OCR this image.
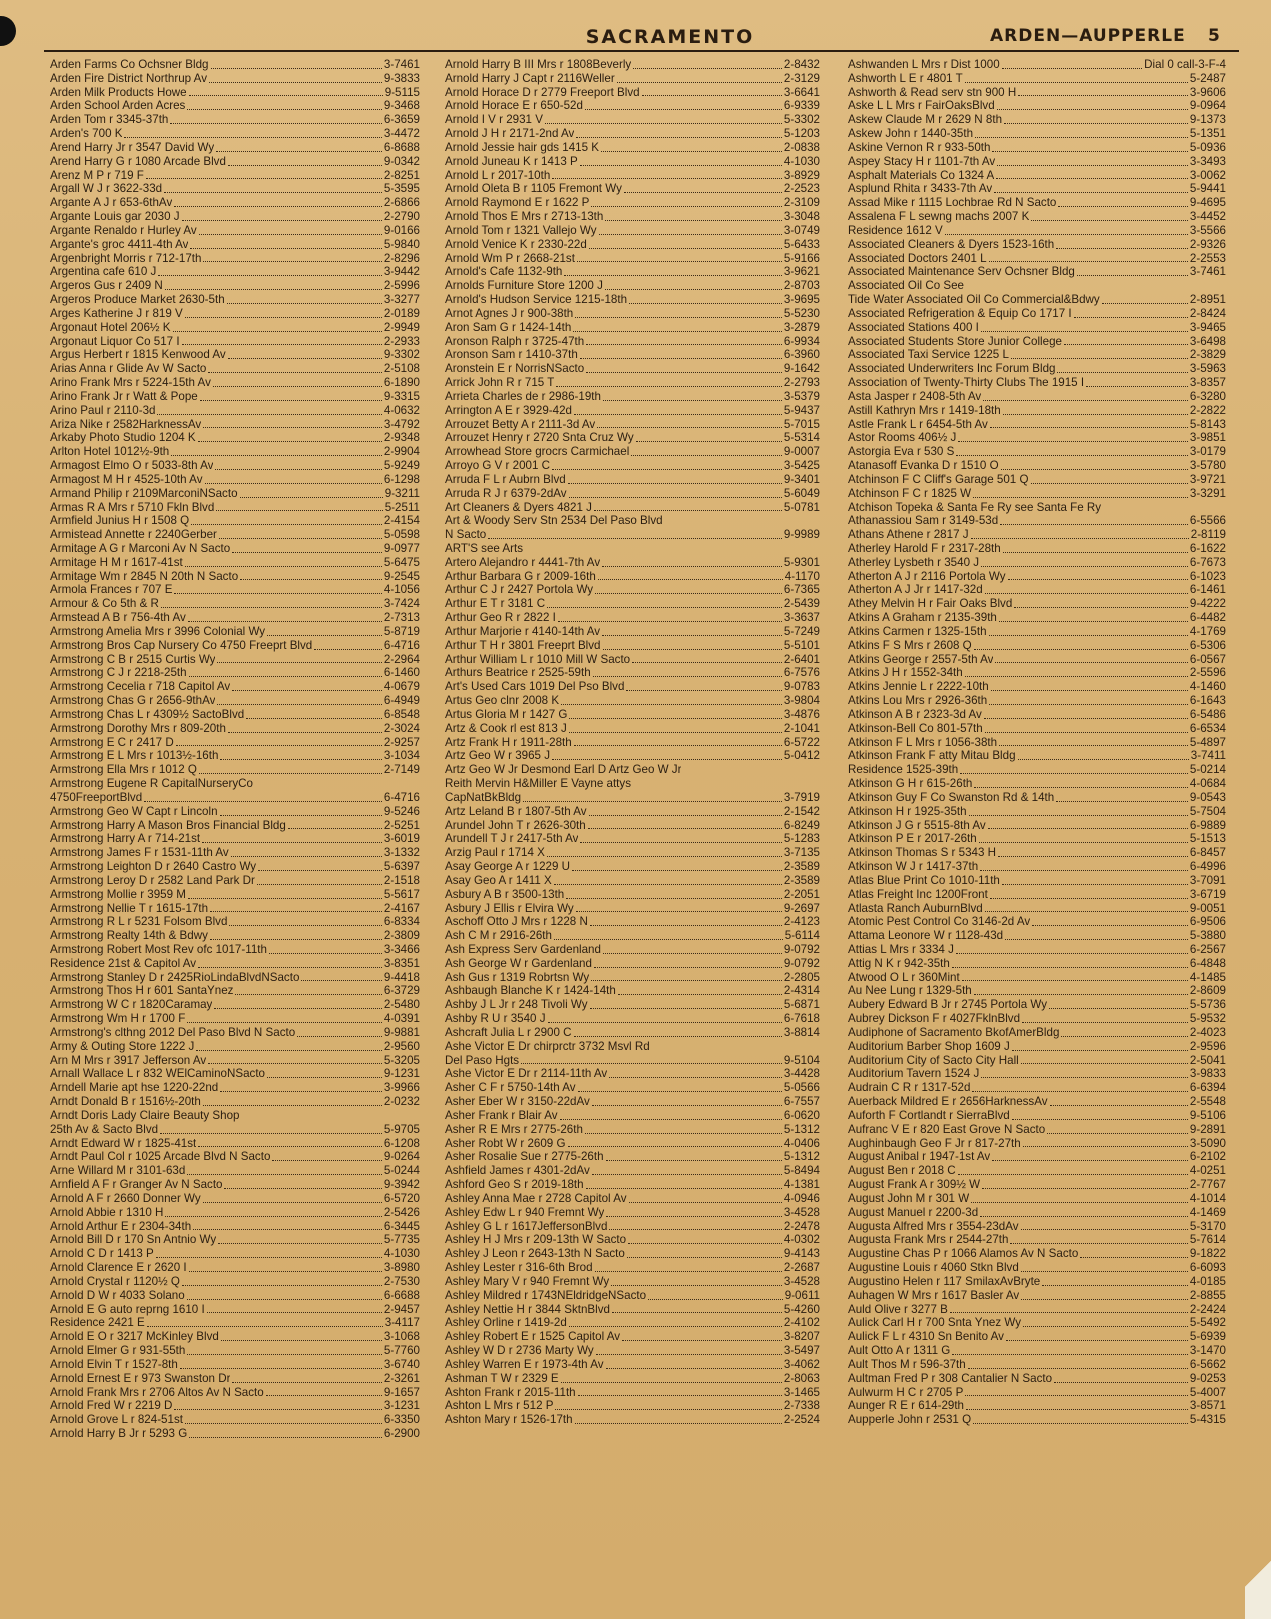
SACRAMENTO	ARDEN—AUPPERLE 5
Arden Farms Co Ochsner Bldg	3-7461
Arden Fire District Northrup Av	9-3833
Arden Milk Products Howe	9-5115
Arden School Arden Acres	9-3468
Arden Tom r 3345-37th	6-3659
Arden's 700 K	3-4472
Arend Harry Jr r 3547 David Wy	6-8688
Arend Harry G r 1080 Arcade Blvd	9-0342
Arenz M P r 719 F	2-8251
Argall W J r 3622-33d	5-3595
Argante A J r 653-6thAv	2-6866
Argante Louis gar 2030 J	2-2790
Argante Renaldo r Hurley Av	9-0166
Argante's groc 4411-4th Av	5-9840
Argenbright Morris r 712-17th	2-8296
Argentina cafe 610 J	3-9442
Argeros Gus r 2409 N	2-5996
Argeros Produce Market 2630-5th	3-3277
Arges Katherine J r 819 V	2-0189
Argonaut Hotel 206½ K	2-9949
Argonaut Liquor Co 517 I	2-2933
Argus Herbert r 1815 Kenwood Av	9-3302
Arias Anna r Glide Av W Sacto	2-5108
Arino Frank Mrs r 5224-15th Av	6-1890
Arino Frank Jr r Watt & Pope	9-3315
Arino Paul r 2110-3d	4-0632
Ariza Nike r 2582HarknessAv	3-4792
Arkaby Photo Studio 1204 K	2-9348
Arlton Hotel 1012½-9th	2-9904
Armagost Elmo O r 5033-8th Av	5-9249
Armagost M H r 4525-10th Av	6-1298
Armand Philip r 2109MarconiNSacto	9-3211
Armas R A Mrs r 5710 Fkln Blvd	5-2511
Armfield Junius H r 1508 Q	2-4154
Armistead Annette r 2240Gerber	5-0598
Armitage A G r Marconi Av N Sacto	9-0977
Armitage H M r 1617-41st	5-6475
Armitage Wm r 2845 N 20th N Sacto	9-2545
Armola Frances r 707 E	4-1056
Armour & Co 5th & R	3-7424
Armstead A B r 756-4th Av	2-7313
Armstrong Amelia Mrs r 3996 Colonial Wy	5-8719
Armstrong Bros Cap Nursery Co 4750 Freeprt Blvd	6-4716
Armstrong C B r 2515 Curtis Wy	2-2964
Armstrong C J r 2218-25th	6-1460
Armstrong Cecelia r 718 Capitol Av	4-0679
Armstrong Chas G r 2656-9thAv	6-4949
Armstrong Chas L r 4309½ SactoBlvd	6-8548
Armstrong Dorothy Mrs r 809-20th	2-3024
Armstrong E C r 2417 D	2-9257
Armstrong E L Mrs r 1013½-16th	3-1034
Armstrong Ella Mrs r 1012 Q	2-7149
Armstrong Eugene R CapitalNurseryCo
4750FreeportBlvd	6-4716
Armstrong Geo W Capt r Lincoln	9-5246
Armstrong Harry A Mason Bros Financial Bldg	2-5251
Armstrong Harry A r 714-21st	3-6019
Armstrong James F r 1531-11th Av	3-1332
Armstrong Leighton D r 2640 Castro Wy	5-6397
Armstrong Leroy D r 2582 Land Park Dr	2-1518
Armstrong Mollie r 3959 M	5-5617
Armstrong Nellie T r 1615-17th	2-4167
Armstrong R L r 5231 Folsom Blvd	6-8334
Armstrong Realty 14th & Bdwy	2-3809
Armstrong Robert Most Rev ofc 1017-11th	3-3466
Residence 21st & Capitol Av	3-8351
Armstrong Stanley D r 2425RioLindaBlvdNSacto	9-4418
Armstrong Thos H r 601 SantaYnez	6-3729
Armstrong W C r 1820Caramay	2-5480
Armstrong Wm H r 1700 F	4-0391
Armstrong's clthng 2012 Del Paso Blvd N Sacto	9-9881
Army & Outing Store 1222 J	2-9560
Arn M Mrs r 3917 Jefferson Av	5-3205
Arnall Wallace L r 832 WElCaminoNSacto	9-1231
Arndell Marie apt hse 1220-22nd	3-9966
Arndt Donald B r 1516½-20th	2-0232
Arndt Doris Lady Claire Beauty Shop
25th Av & Sacto Blvd	5-9705
Arndt Edward W r 1825-41st	6-1208
Arndt Paul Col r 1025 Arcade Blvd N Sacto	9-0264
Arne Willard M r 3101-63d	5-0244
Arnfield A F r Granger Av N Sacto	9-3942
Arnold A F r 2660 Donner Wy	6-5720
Arnold Abbie r 1310 H	2-5426
Arnold Arthur E r 2304-34th	6-3445
Arnold Bill D r 170 Sn Antnio Wy	5-7735
Arnold C D r 1413 P	4-1030
Arnold Clarence E r 2620 I	3-8980
Arnold Crystal r 1120½ Q	2-7530
Arnold D W r 4033 Solano	6-6688
Arnold E G auto reprng 1610 I	2-9457
Residence 2421 E	3-4117
Arnold E O r 3217 McKinley Blvd	3-1068
Arnold Elmer G r 931-55th	5-7760
Arnold Elvin T r 1527-8th	3-6740
Arnold Ernest E r 973 Swanston Dr	2-3261
Arnold Frank Mrs r 2706 Altos Av N Sacto	9-1657
Arnold Fred W r 2219 D	3-1231
Arnold Grove L r 824-51st	6-3350
Arnold Harry B Jr r 5293 G	6-2900
Arnold Harry B III Mrs r 1808Beverly	2-8432
Arnold Harry J Capt r 2116Weller	2-3129
Arnold Horace D r 2779 Freeport Blvd	3-6641
Arnold Horace E r 650-52d	6-9339
Arnold I V r 2931 V	5-3302
Arnold J H r 2171-2nd Av	5-1203
Arnold Jessie hair gds 1415 K	2-0838
Arnold Juneau K r 1413 P	4-1030
Arnold L r 2017-10th	3-8929
Arnold Oleta B r 1105 Fremont Wy	2-2523
Arnold Raymond E r 1622 P	2-3109
Arnold Thos E Mrs r 2713-13th	3-3048
Arnold Tom r 1321 Vallejo Wy	3-0749
Arnold Venice K r 2330-22d	5-6433
Arnold Wm P r 2668-21st	5-9166
Arnold's Cafe 1132-9th	3-9621
Arnolds Furniture Store 1200 J	2-8703
Arnold's Hudson Service 1215-18th	3-9695
Arnot Agnes J r 900-38th	5-5230
Aron Sam G r 1424-14th	3-2879
Aronson Ralph r 3725-47th	6-9934
Aronson Sam r 1410-37th	6-3960
Aronstein E r NorrisNSacto	9-1642
Arrick John R r 715 T	2-2793
Arrieta Charles de r 2986-19th	3-5379
Arrington A E r 3929-42d	5-9437
Arrouzet Betty A r 2111-3d Av	5-7015
Arrouzet Henry r 2720 Snta Cruz Wy	5-5314
Arrowhead Store grocrs Carmichael	9-0007
Arroyo G V r 2001 C	3-5425
Arruda F L r Aubrn Blvd	9-3401
Arruda R J r 6379-2dAv	5-6049
Art Cleaners & Dyers 4821 J	5-0781
Art & Woody Serv Stn 2534 Del Paso Blvd
N Sacto	9-9989
ART'S see Arts
Artero Alejandro r 4441-7th Av	5-9301
Arthur Barbara G r 2009-16th	4-1170
Arthur C J r 2427 Portola Wy	6-7365
Arthur E T r 3181 C	2-5439
Arthur Geo R r 2822 I	3-3637
Arthur Marjorie r 4140-14th Av	5-7249
Arthur T H r 3801 Freeprt Blvd	5-5101
Arthur William L r 1010 Mill W Sacto	2-6401
Arthurs Beatrice r 2525-59th	6-7576
Art's Used Cars 1019 Del Pso Blvd	9-0783
Artus Geo clnr 2008 K	3-9804
Artus Gloria M r 1427 G	3-4876
Artz & Cook rl est 813 J	2-1041
Artz Frank H r 1911-28th	6-5722
Artz Geo W r 3965 J	5-0412
Artz Geo W Jr Desmond Earl D Artz Geo W Jr
Reith Mervin H&Miller E Vayne attys
CapNatBkBldg	3-7919
Artz Leland B r 1807-5th Av	2-1542
Arundel John T r 2626-30th	6-8249
Arundell T J r 2417-5th Av	5-1283
Arzig Paul r 1714 X	3-7135
Asay George A r 1229 U	2-3589
Asay Geo A r 1411 X	2-3589
Asbury A B r 3500-13th	2-2051
Asbury J Ellis r Elvira Wy	9-2697
Aschoff Otto J Mrs r 1228 N	2-4123
Ash C M r 2916-26th	5-6114
Ash Express Serv Gardenland	9-0792
Ash George W r Gardenland	9-0792
Ash Gus r 1319 Robrtsn Wy	2-2805
Ashbaugh Blanche K r 1424-14th	2-4314
Ashby J L Jr r 248 Tivoli Wy	5-6871
Ashby R U r 3540 J	6-7618
Ashcraft Julia L r 2900 C	3-8814
Ashe Victor E Dr chirprctr 3732 Msvl Rd
Del Paso Hgts	9-5104
Ashe Victor E Dr r 2114-11th Av	3-4428
Asher C F r 5750-14th Av	5-0566
Asher Eber W r 3150-22dAv	6-7557
Asher Frank r Blair Av	6-0620
Asher R E Mrs r 2775-26th	5-1312
Asher Robt W r 2609 G	4-0406
Asher Rosalie Sue r 2775-26th	5-1312
Ashfield James r 4301-2dAv	5-8494
Ashford Geo S r 2019-18th	4-1381
Ashley Anna Mae r 2728 Capitol Av	4-0946
Ashley Edw L r 940 Fremnt Wy	3-4528
Ashley G L r 1617JeffersonBlvd	2-2478
Ashley H J Mrs r 209-13th W Sacto	4-0302
Ashley J Leon r 2643-13th N Sacto	9-4143
Ashley Lester r 316-6th Brod	2-2687
Ashley Mary V r 940 Fremnt Wy	3-4528
Ashley Mildred r 1743NEldridgeNSacto	9-0611
Ashley Nettie H r 3844 SktnBlvd	5-4260
Ashley Orline r 1419-2d	2-4102
Ashley Robert E r 1525 Capitol Av	3-8207
Ashley W D r 2736 Marty Wy	3-5497
Ashley Warren E r 1973-4th Av	3-4062
Ashman T W r 2329 E	2-8063
Ashton Frank r 2015-11th	3-1465
Ashton L Mrs r 512 P	2-7338
Ashton Mary r 1526-17th	2-2524
Ashwanden L Mrs r Dist 1000	Dial 0 call-3-F-4
Ashworth L E r 4801 T	5-2487
Ashworth & Read serv stn 900 H	3-9606
Aske L L Mrs r FairOaksBlvd	9-0964
Askew Claude M r 2629 N 8th	9-1373
Askew John r 1440-35th	5-1351
Askine Vernon R r 933-50th	5-0936
Aspey Stacy H r 1101-7th Av	3-3493
Asphalt Materials Co 1324 A	3-0062
Asplund Rhita r 3433-7th Av	5-9441
Assad Mike r 1115 Lochbrae Rd N Sacto	9-4695
Assalena F L sewng machs 2007 K	3-4452
Residence 1612 V	3-5566
Associated Cleaners & Dyers 1523-16th	2-9326
Associated Doctors 2401 L	2-2553
Associated Maintenance Serv Ochsner Bldg	3-7461
Associated Oil Co See
Tide Water Associated Oil Co Commercial&Bdwy	2-8951
Associated Refrigeration & Equip Co 1717 I	2-8424
Associated Stations 400 I	3-9465
Associated Students Store Junior College	3-6498
Associated Taxi Service 1225 L	2-3829
Associated Underwriters Inc Forum Bldg	3-5963
Association of Twenty-Thirty Clubs The 1915 I	3-8357
Asta Jasper r 2408-5th Av	6-3280
Astill Kathryn Mrs r 1419-18th	2-2822
Astle Frank L r 6454-5th Av	5-8143
Astor Rooms 406½ J	3-9851
Astorgia Eva r 530 S	3-0179
Atanasoff Evanka D r 1510 O	3-5780
Atchinson F C Cliff's Garage 501 Q	3-9721
Atchinson F C r 1825 W	3-3291
Atchison Topeka & Santa Fe Ry see Santa Fe Ry
Athanassiou Sam r 3149-53d	6-5566
Athans Athene r 2817 J	2-8119
Atherley Harold F r 2317-28th	6-1622
Atherley Lysbeth r 3540 J	6-7673
Atherton A J r 2116 Portola Wy	6-1023
Atherton A J Jr r 1417-32d	6-1461
Athey Melvin H r Fair Oaks Blvd	9-4222
Atkins A Graham r 2135-39th	6-4482
Atkins Carmen r 1325-15th	4-1769
Atkins F S Mrs r 2608 Q	6-5306
Atkins George r 2557-5th Av	6-0567
Atkins J H r 1552-34th	2-5596
Atkins Jennie L r 2222-10th	4-1460
Atkins Lou Mrs r 2926-36th	6-1643
Atkinson A B r 2323-3d Av	6-5486
Atkinson-Bell Co 801-57th	6-6534
Atkinson F L Mrs r 1056-38th	5-4897
Atkinson Frank F atty Mitau Bldg	3-7411
Residence 1525-39th	5-0214
Atkinson G H r 615-26th	4-0684
Atkinson Guy F Co Swanston Rd & 14th	9-0543
Atkinson H r 1925-35th	5-7504
Atkinson J G r 5515-8th Av	6-9889
Atkinson P E r 2017-26th	5-1513
Atkinson Thomas S r 5343 H	6-8457
Atkinson W J r 1417-37th	6-4996
Atlas Blue Print Co 1010-11th	3-7091
Atlas Freight Inc 1200Front	3-6719
Atlasta Ranch AuburnBlvd	9-0051
Atomic Pest Control Co 3146-2d Av	6-9506
Attama Leonore W r 1128-43d	5-3880
Attias L Mrs r 3334 J	6-2567
Attig N K r 942-35th	6-4848
Atwood O L r 360Mint	4-1485
Au Nee Lung r 1329-5th	2-8609
Aubery Edward B Jr r 2745 Portola Wy	5-5736
Aubrey Dickson F r 4027FklnBlvd	5-9532
Audiphone of Sacramento BkofAmerBldg	2-4023
Auditorium Barber Shop 1609 J	2-9596
Auditorium City of Sacto City Hall	2-5041
Auditorium Tavern 1524 J	3-9833
Audrain C R r 1317-52d	6-6394
Auerback Mildred E r 2656HarknessAv	2-5548
Auforth F Cortlandt r SierraBlvd	9-5106
Aufranc V E r 820 East Grove N Sacto	9-2891
Aughinbaugh Geo F Jr r 817-27th	3-5090
August Anibal r 1947-1st Av	6-2102
August Ben r 2018 C	4-0251
August Frank A r 309½ W	2-7767
August John M r 301 W	4-1014
August Manuel r 2200-3d	4-1469
Augusta Alfred Mrs r 3554-23dAv	5-3170
Augusta Frank Mrs r 2544-27th	5-7614
Augustine Chas P r 1066 Alamos Av N Sacto	9-1822
Augustine Louis r 4060 Stkn Blvd	6-6093
Augustino Helen r 117 SmilaxAvBryte	4-0185
Auhagen W Mrs r 1617 Basler Av	2-8855
Auld Olive r 3277 B	2-2424
Aulick Carl H r 700 Snta Ynez Wy	5-5492
Aulick F L r 4310 Sn Benito Av	5-6939
Ault Otto A r 1311 G	3-1470
Ault Thos M r 596-37th	6-5662
Aultman Fred P r 308 Cantalier N Sacto	9-0253
Aulwurm H C r 2705 P	5-4007
Aunger R E r 614-29th	3-8571
Aupperle John r 2531 Q	5-4315
